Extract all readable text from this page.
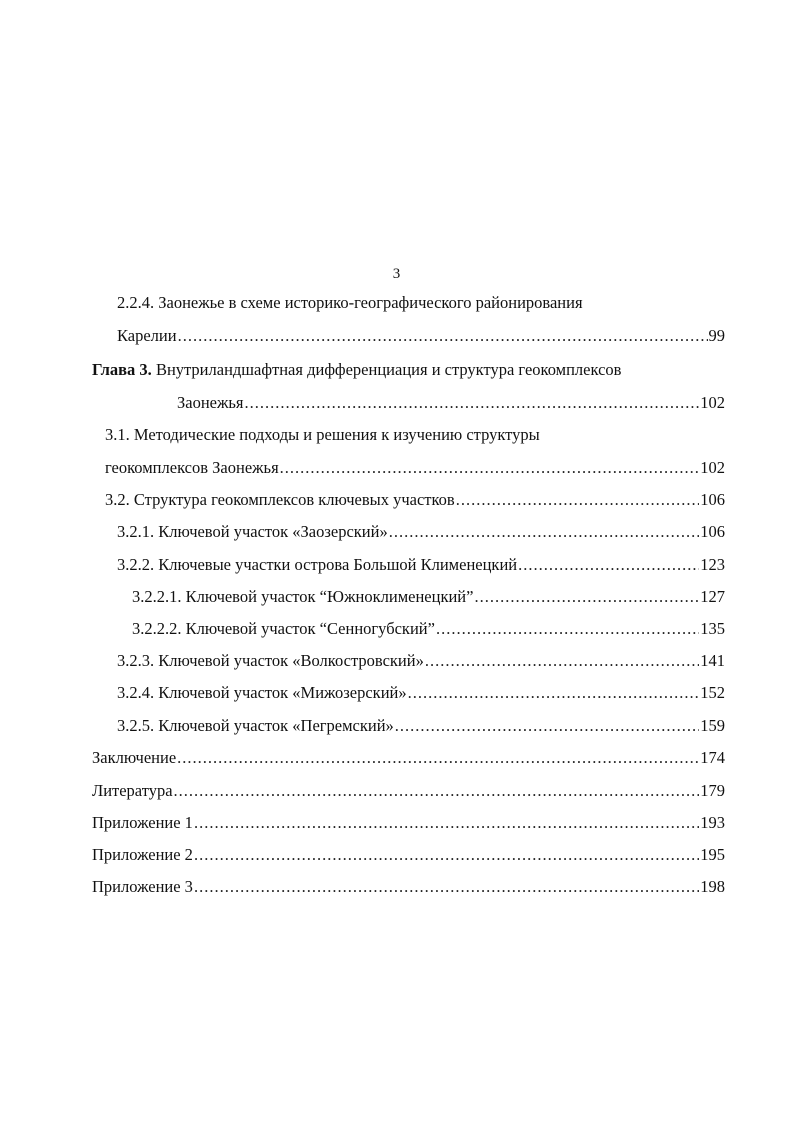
3
2.2.4. Заонежье в схеме историко-географического районирования
Карелии .....	99
Глава 3. Внутриландшафтная дифференциация и структура геокомплексов
Заонежья .....	102
3.1. Методические подходы и решения к изучению структуры
геокомплексов Заонежья .....	102
3.2. Структура геокомплексов ключевых участков .....	106
3.2.1. Ключевой участок «Заозерский» .....	106
3.2.2. Ключевые участки острова Большой Клименецкий .....	123
3.2.2.1. Ключевой участок “Южноклименецкий” .....	127
3.2.2.2. Ключевой участок “Сенногубский” .....	135
3.2.3. Ключевой участок «Волкостровский» .....	141
3.2.4. Ключевой участок «Мижозерский» .....	152
3.2.5. Ключевой участок «Пегремский» .....	159
Заключение .....	174
Литература .....	179
Приложение 1 .....	193
Приложение 2 .....	195
Приложение 3 .....	198
